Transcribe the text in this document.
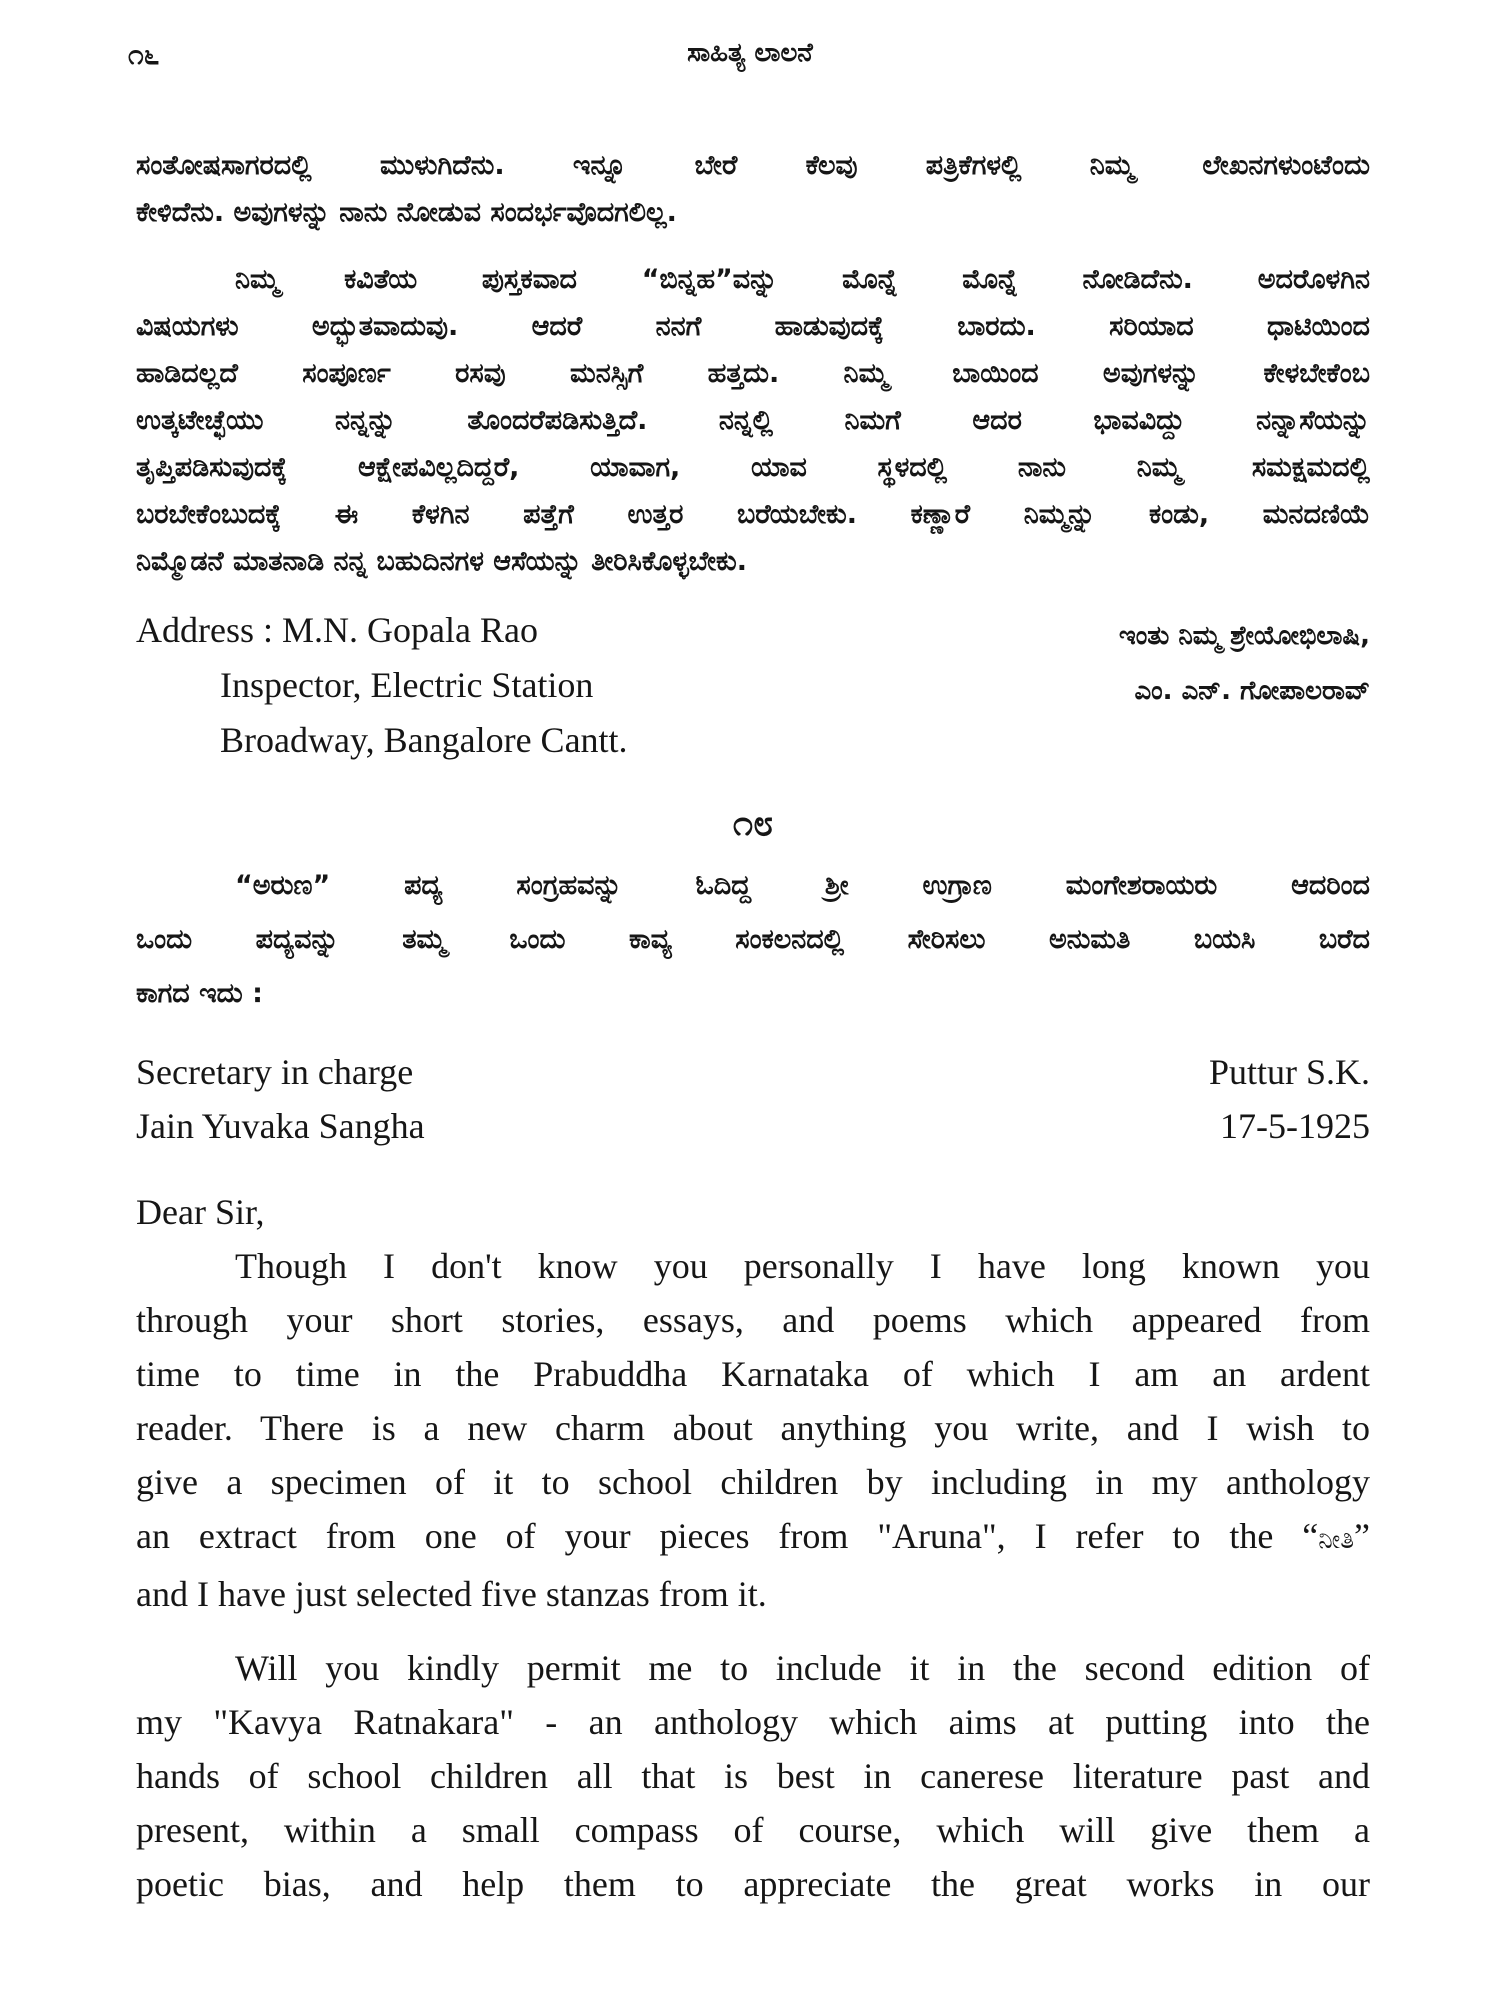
೧೬	ಸಾಹಿತ್ಯ ಲಾಲನೆ
ಸಂತೋಷಸಾಗರದಲ್ಲಿ ಮುಳುಗಿದೆನು. ಇನ್ನೂ ಬೇರೆ ಕೆಲವು ಪತ್ರಿಕೆಗಳಲ್ಲಿ ನಿಮ್ಮ ಲೇಖನಗಳುಂಟೆಂದು
ಕೇಳಿದೆನು. ಅವುಗಳನ್ನು ನಾನು ನೋಡುವ ಸಂದರ್ಭವೊದಗಲಿಲ್ಲ.
ನಿಮ್ಮ ಕವಿತೆಯ ಪುಸ್ತಕವಾದ “ಬಿನ್ನಹ”ವನ್ನು ಮೊನ್ನೆ ಮೊನ್ನೆ ನೋಡಿದೆನು. ಅದರೊಳಗಿನ
ವಿಷಯಗಳು ಅದ್ಭುತವಾದುವು. ಆದರೆ ನನಗೆ ಹಾಡುವುದಕ್ಕೆ ಬಾರದು. ಸರಿಯಾದ ಧಾಟಿಯಿಂದ
ಹಾಡಿದಲ್ಲದೆ ಸಂಪೂರ್ಣ ರಸವು ಮನಸ್ಸಿಗೆ ಹತ್ತದು. ನಿಮ್ಮ ಬಾಯಿಂದ ಅವುಗಳನ್ನು ಕೇಳಬೇಕೆಂಬ
ಉತ್ಕಟೇಚ್ಛೆಯು ನನ್ನನ್ನು ತೊಂದರೆಪಡಿಸುತ್ತಿದೆ. ನನ್ನಲ್ಲಿ ನಿಮಗೆ ಆದರ ಭಾವವಿದ್ದು ನನ್ನಾಸೆಯನ್ನು
ತೃಪ್ತಿಪಡಿಸುವುದಕ್ಕೆ ಆಕ್ಷೇಪವಿಲ್ಲದಿದ್ದರೆ, ಯಾವಾಗ, ಯಾವ ಸ್ಥಳದಲ್ಲಿ ನಾನು ನಿಮ್ಮ ಸಮಕ್ಷಮದಲ್ಲಿ
ಬರಬೇಕೆಂಬುದಕ್ಕೆ ಈ ಕೆಳಗಿನ ಪತ್ತೆಗೆ ಉತ್ತರ ಬರೆಯಬೇಕು. ಕಣ್ಣಾರೆ ನಿಮ್ಮನ್ನು ಕಂಡು, ಮನದಣಿಯೆ
ನಿಮ್ಮೊಡನೆ ಮಾತನಾಡಿ ನನ್ನ ಬಹುದಿನಗಳ ಆಸೆಯನ್ನು ತೀರಿಸಿಕೊಳ್ಳಬೇಕು.
Address : M.N. Gopala Rao
Inspector, Electric Station
Broadway, Bangalore Cantt.
ಇಂತು ನಿಮ್ಮ ಶ್ರೇಯೋಭಿಲಾಷಿ,
ಎಂ. ಎನ್. ಗೋಪಾಲರಾವ್
೧೮
“ಅರುಣ” ಪದ್ಯ ಸಂಗ್ರಹವನ್ನು ಓದಿದ್ದ ಶ್ರೀ ಉಗ್ರಾಣ ಮಂಗೇಶರಾಯರು ಆದರಿಂದ
ಒಂದು ಪದ್ಯವನ್ನು ತಮ್ಮ ಒಂದು ಕಾವ್ಯ ಸಂಕಲನದಲ್ಲಿ ಸೇರಿಸಲು ಅನುಮತಿ ಬಯಸಿ ಬರೆದ
ಕಾಗದ ಇದು :
Secretary in charge
Jain Yuvaka Sangha
Puttur S.K.
17-5-1925
Dear Sir,
Though I don't know you personally I have long known you
through your short stories, essays, and poems which appeared from
time to time in the Prabuddha Karnataka of which I am an ardent
reader. There is a new charm about anything you write, and I wish to
give a specimen of it to school children by including in my anthology
an extract from one of your pieces from "Aruna", I refer to the “ನೀತಿ”
and I have just selected five stanzas from it.
Will you kindly permit me to include it in the second edition of
my "Kavya Ratnakara" - an anthology which aims at putting into the
hands of school children all that is best in canerese literature past and
present, within a small compass of course, which will give them a
poetic bias, and help them to appreciate the great works in our
